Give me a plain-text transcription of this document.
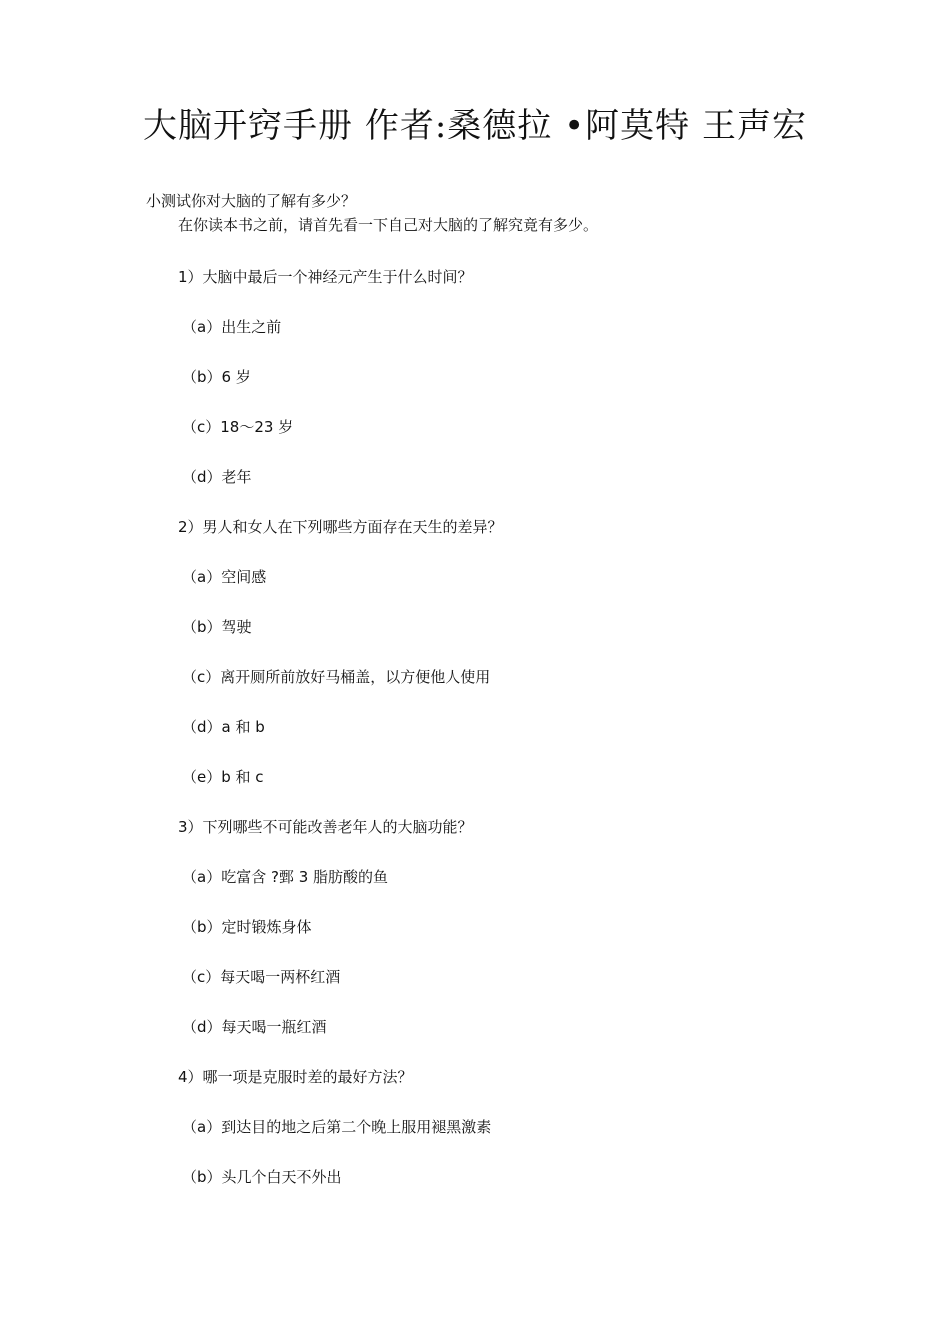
大脑开窍手册 作者:桑德拉 •阿莫特 王声宏
小测试你对大脑的了解有多少？
在你读本书之前，请首先看一下自己对大脑的了解究竟有多少。
1）大脑中最后一个神经元产生于什么时间？
（a）出生之前
（b）6 岁
（c）18～23 岁
（d）老年
2）男人和女人在下列哪些方面存在天生的差异？
（a）空间感
（b）驾驶
（c）离开厕所前放好马桶盖，以方便他人使用
（d）a 和 b
（e）b 和 c
3）下列哪些不可能改善老年人的大脑功能？
（a）吃富含 ?鄄 3 脂肪酸的鱼
（b）定时锻炼身体
（c）每天喝一两杯红酒
（d）每天喝一瓶红酒
4）哪一项是克服时差的最好方法？
（a）到达目的地之后第二个晚上服用褪黑激素
（b）头几个白天不外出
